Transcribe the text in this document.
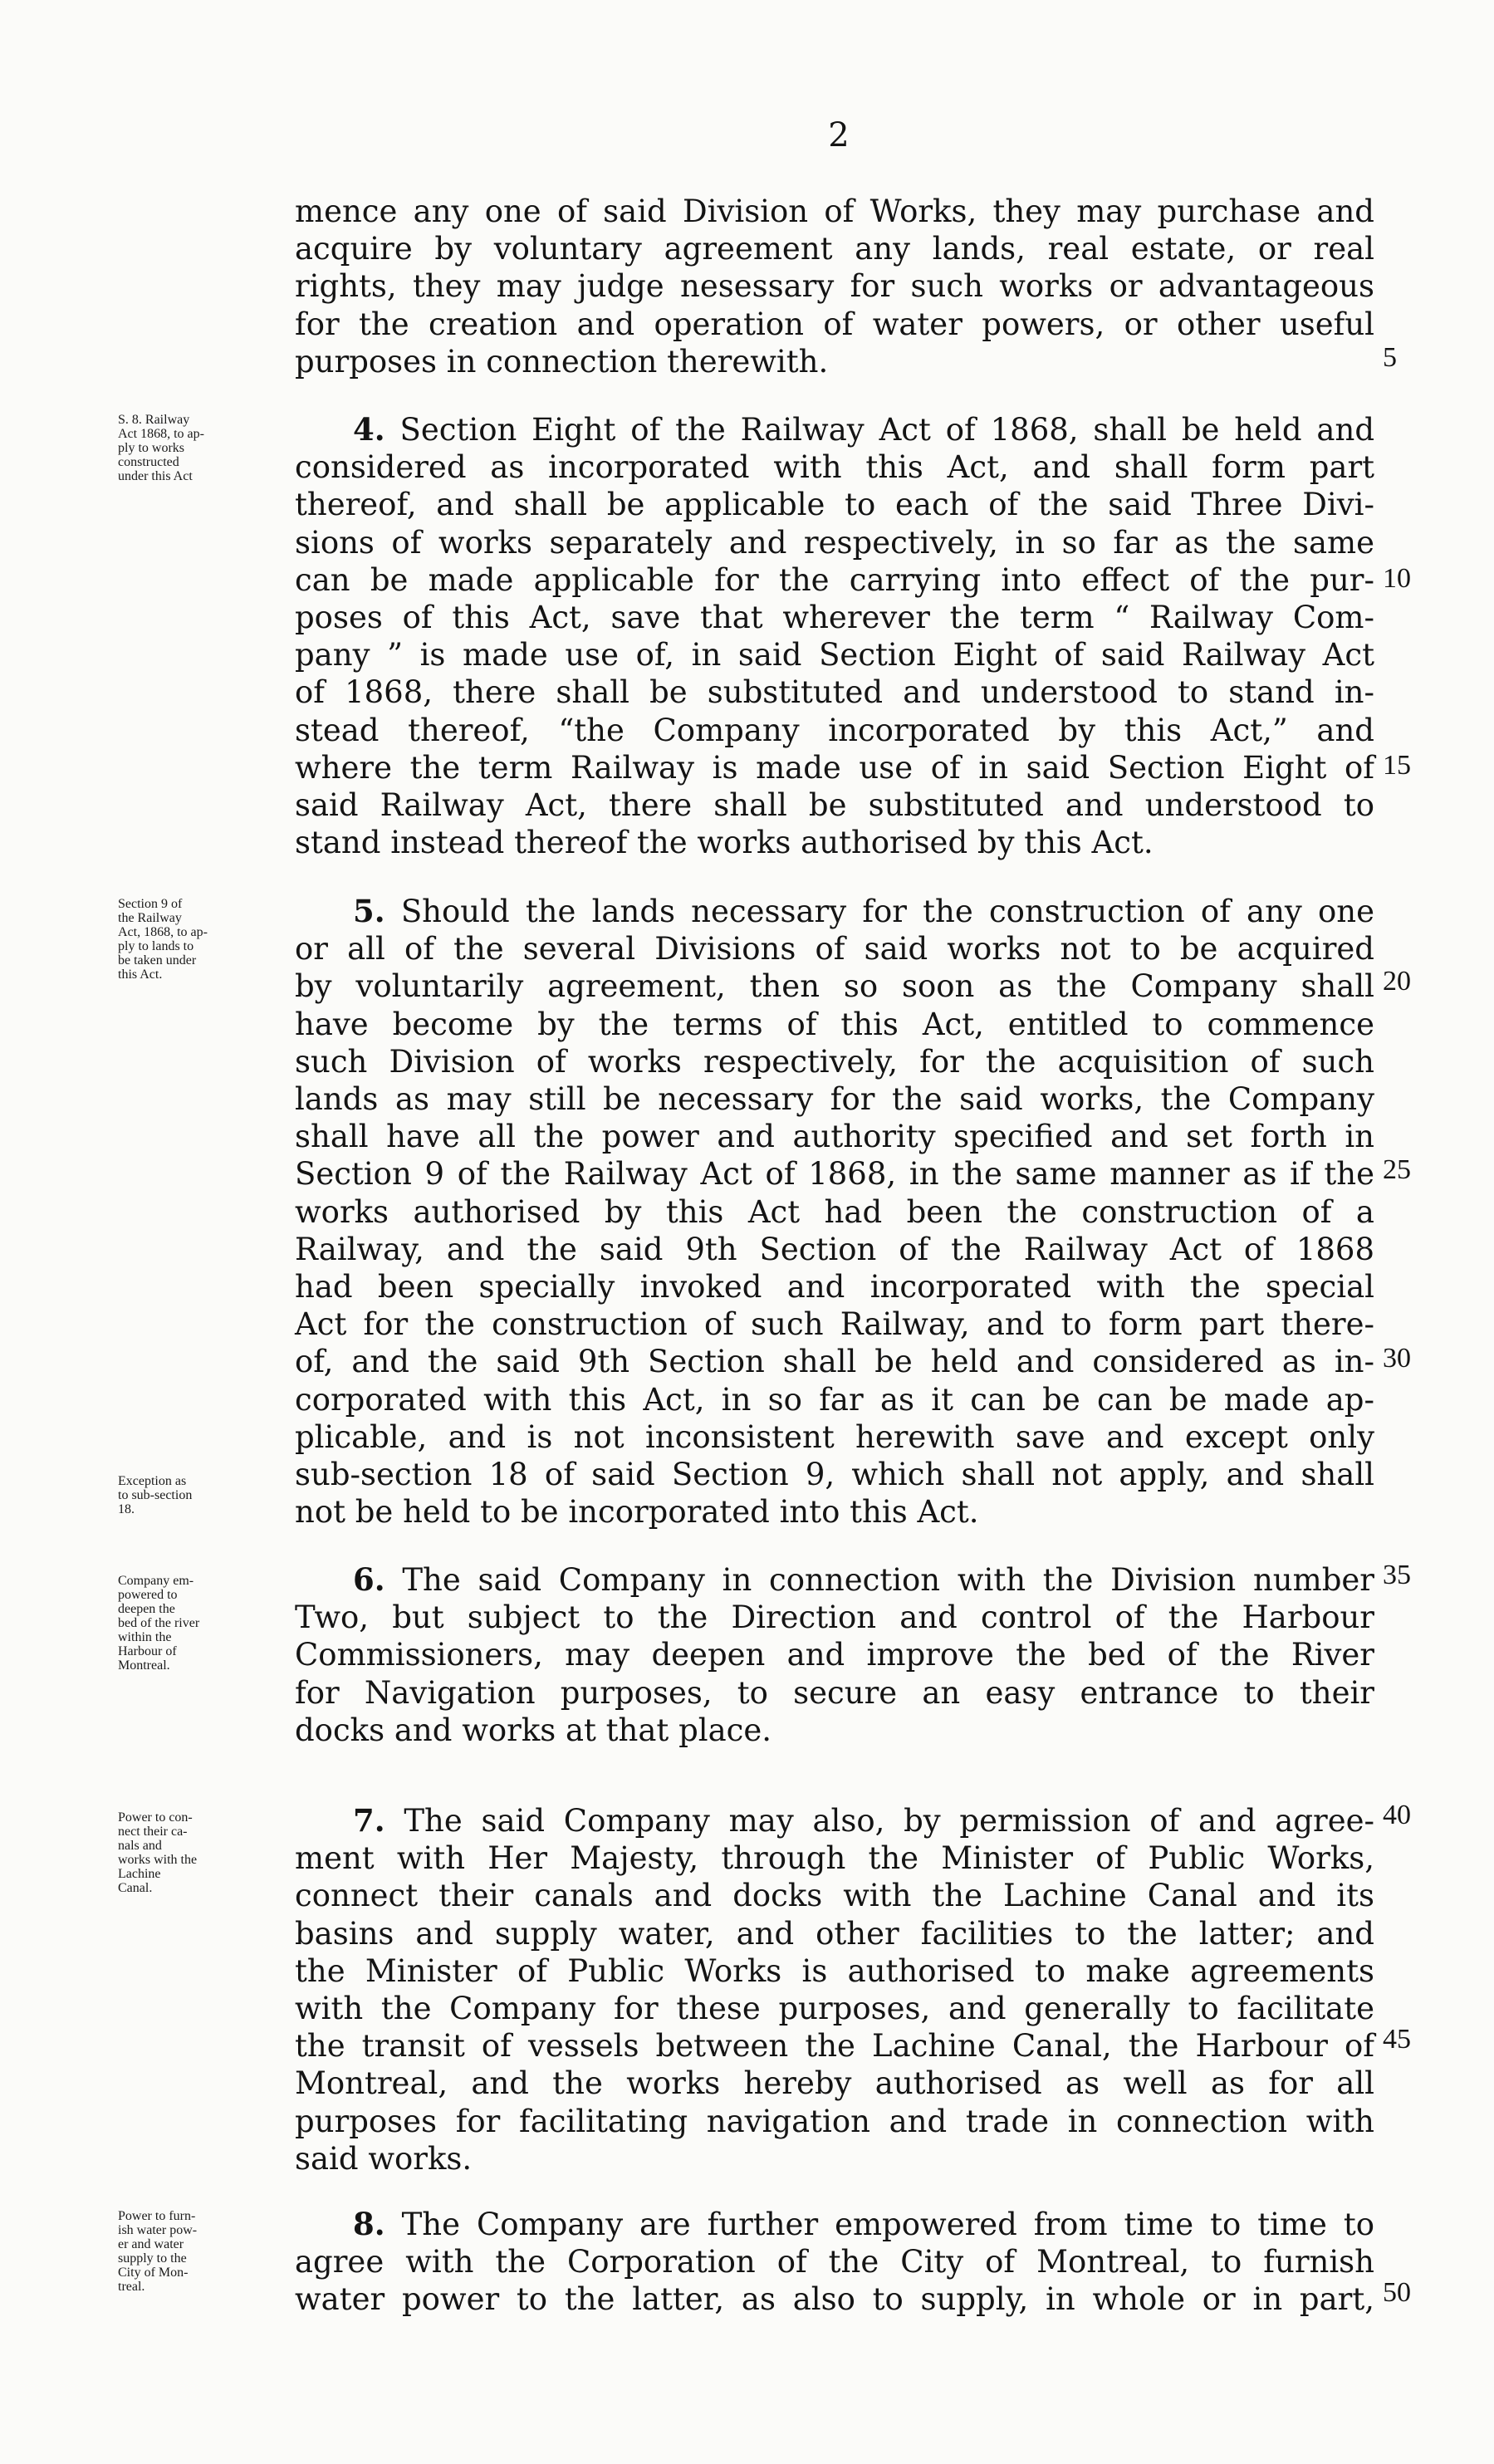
2
mence any one of said Division of Works, they may purchase and
acquire by voluntary agreement any lands, real estate, or real
rights, they may judge nesessary for such works or advantageous
for the creation and operation of water powers, or other useful
purposes in connection therewith.
S. 8. Railway
Act 1868, to ap-
ply to works
constructed
under this Act
4. Section Eight of the Railway Act of 1868, shall be held and
considered as incorporated with this Act, and shall form part
thereof, and shall be applicable to each of the said Three Divi-
sions of works separately and respectively, in so far as the same
can be made applicable for the carrying into effect of the pur-
poses of this Act, save that wherever the term “ Railway Com-
pany ” is made use of, in said Section Eight of said Railway Act
of 1868, there shall be substituted and understood to stand in-
stead thereof, “the Company incorporated by this Act,” and
where the term Railway is made use of in said Section Eight of
said Railway Act, there shall be substituted and understood to
stand instead thereof the works authorised by this Act.
Section 9 of
the Railway
Act, 1868, to ap-
ply to lands to
be taken under
this Act.
Exception as
to sub-section
18.
5. Should the lands necessary for the construction of any one
or all of the several Divisions of said works not to be acquired
by voluntarily agreement, then so soon as the Company shall
have become by the terms of this Act, entitled to commence
such Division of works respectively, for the acquisition of such
lands as may still be necessary for the said works, the Company
shall have all the power and authority specified and set forth in
Section 9 of the Railway Act of 1868, in the same manner as if the
works authorised by this Act had been the construction of a
Railway, and the said 9th Section of the Railway Act of 1868
had been specially invoked and incorporated with the special
Act for the construction of such Railway, and to form part there-
of, and the said 9th Section shall be held and considered as in-
corporated with this Act, in so far as it can be can be made ap-
plicable, and is not inconsistent herewith save and except only
sub-section 18 of said Section 9, which shall not apply, and shall
not be held to be incorporated into this Act.
Company em-
powered to
deepen the
bed of the river
within the
Harbour of
Montreal.
6. The said Company in connection with the Division number
Two, but subject to the Direction and control of the Harbour
Commissioners, may deepen and improve the bed of the River
for Navigation purposes, to secure an easy entrance to their
docks and works at that place.
Power to con-
nect their ca-
nals and
works with the
Lachine
Canal.
7. The said Company may also, by permission of and agree-
ment with Her Majesty, through the Minister of Public Works,
connect their canals and docks with the Lachine Canal and its
basins and supply water, and other facilities to the latter; and
the Minister of Public Works is authorised to make agreements
with the Company for these purposes, and generally to facilitate
the transit of vessels between the Lachine Canal, the Harbour of
Montreal, and the works hereby authorised as well as for all
purposes for facilitating navigation and trade in connection with
said works.
Power to furn-
ish water pow-
er and water
supply to the
City of Mon-
treal.
8. The Company are further empowered from time to time to
agree with the Corporation of the City of Montreal, to furnish
water power to the latter, as also to supply, in whole or in part,
5
10
15
20
25
30
35
40
45
50
